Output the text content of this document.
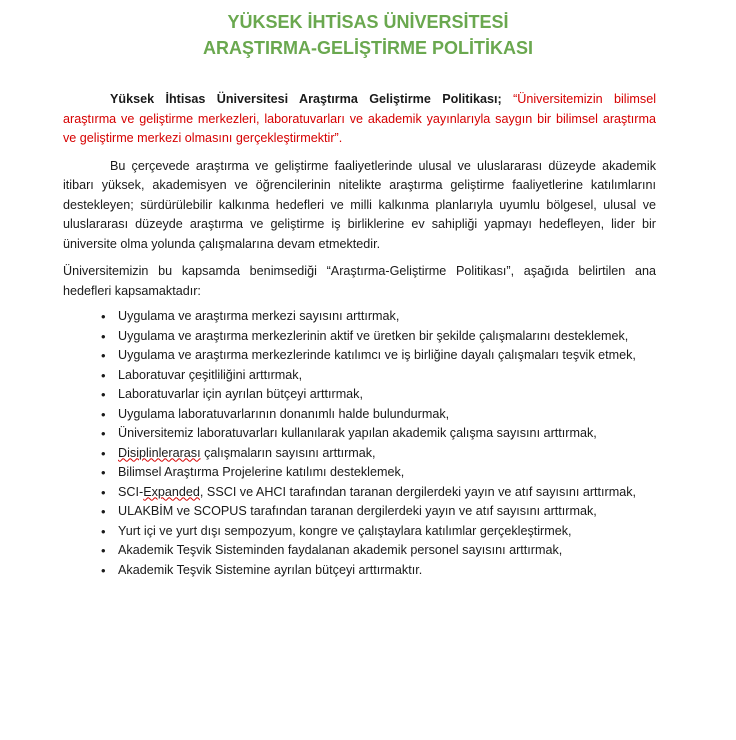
YÜKSEK İHTİSAS ÜNİVERSİTESİ

ARAŞTIRMA-GELİŞTİRME POLİTİKASI

Yüksek İhtisas Üniversitesi Araştırma Geliştirme Politikası; “Üniversitemizin bilimsel araştırma ve geliştirme merkezleri, laboratuvarları ve akademik yayınlarıyla saygın bir bilimsel araştırma ve geliştirme merkezi olmasını gerçekleştirmektir”.

Bu çerçevede araştırma ve geliştirme faaliyetlerinde ulusal ve uluslararası düzeyde akademik itibarı yüksek, akademisyen ve öğrencilerinin nitelikte araştırma geliştirme faaliyetlerine katılımlarını destekleyen; sürdürülebilir kalkınma hedefleri ve milli kalkınma planlarıyla uyumlu bölgesel, ulusal ve uluslararası düzeyde araştırma ve geliştirme iş birliklerine ev sahipliği yapmayı hedefleyen, lider bir üniversite olma yolunda çalışmalarına devam etmektedir.

Üniversitemizin bu kapsamda benimsediği “Araştırma-Geliştirme Politikası”, aşağıda belirtilen ana hedefleri kapsamaktadır:

• Uygulama ve araştırma merkezi sayısını arttırmak,
• Uygulama ve araştırma merkezlerinin aktif ve üretken bir şekilde çalışmalarını desteklemek,
• Uygulama ve araştırma merkezlerinde katılımcı ve iş birliğine dayalı çalışmaları teşvik etmek,
• Laboratuvar çeşitliliğini arttırmak,
• Laboratuvarlar için ayrılan bütçeyi arttırmak,
• Uygulama laboratuvarlarının donanımlı halde bulundurmak,
• Üniversitemiz laboratuvarları kullanılarak yapılan akademik çalışma sayısını arttırmak,
• Disiplinlerarası çalışmaların sayısını arttırmak,
• Bilimsel Araştırma Projelerine katılımı desteklemek,
• SCI-Expanded, SSCI ve AHCI tarafından taranan dergilerdeki yayın ve atıf sayısını arttırmak,
• ULAKBİM ve SCOPUS tarafından taranan dergilerdeki yayın ve atıf sayısını arttırmak,
• Yurt içi ve yurt dışı sempozyum, kongre ve çalıştaylara katılımlar gerçekleştirmek,
• Akademik Teşvik Sisteminden faydalanan akademik personel sayısını arttırmak,
• Akademik Teşvik Sistemine ayrılan bütçeyi arttırmaktır.
